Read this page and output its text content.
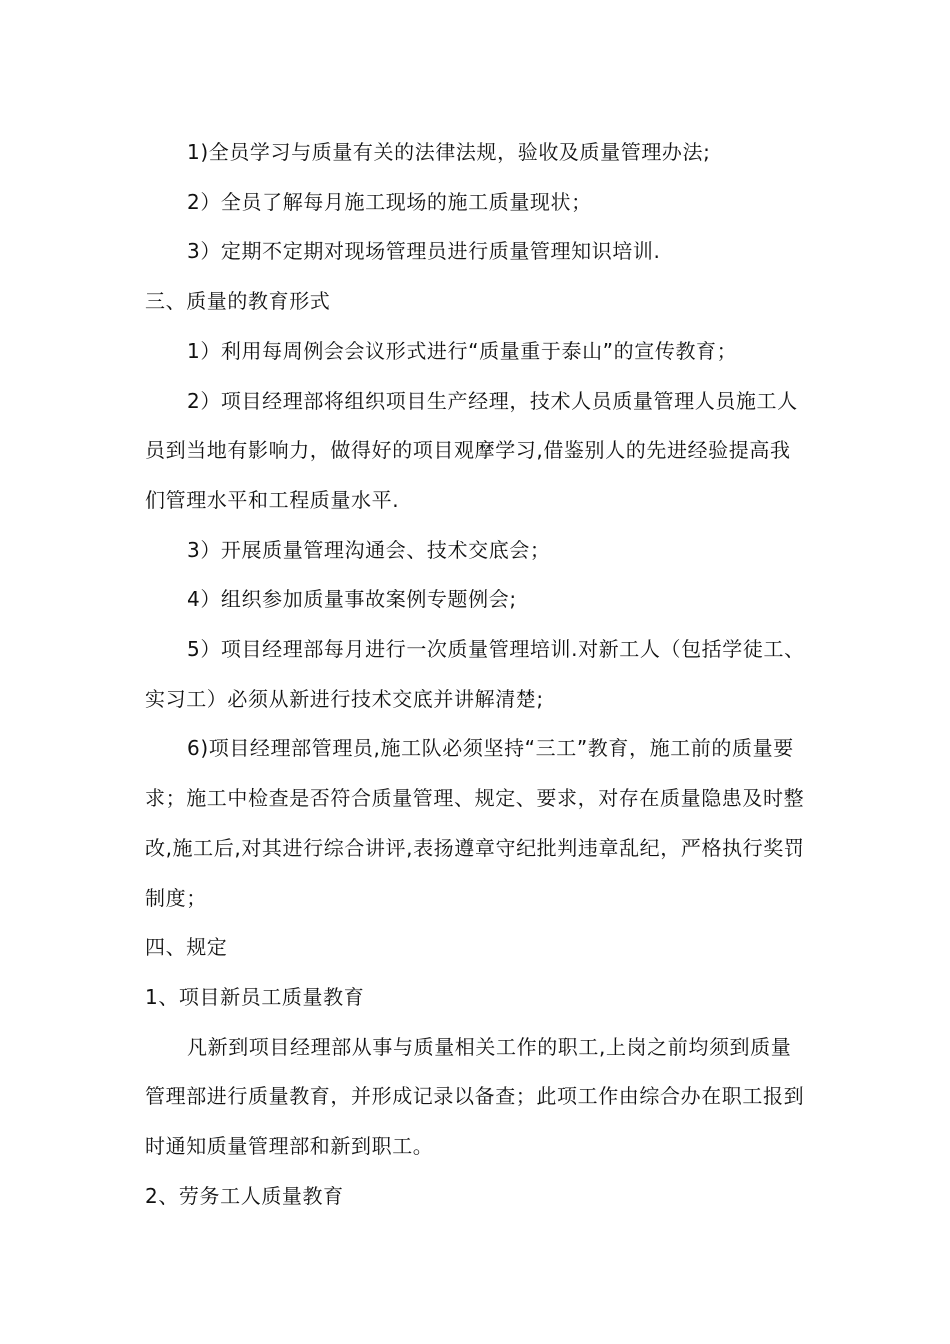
1)全员学习与质量有关的法律法规，验收及质量管理办法;

2）全员了解每月施工现场的施工质量现状；

3）定期不定期对现场管理员进行质量管理知识培训.

三、质量的教育形式

1）利用每周例会会议形式进行“质量重于泰山”的宣传教育；

2）项目经理部将组织项目生产经理，技术人员质量管理人员施工人员到当地有影响力，做得好的项目观摩学习,借鉴别人的先进经验提高我们管理水平和工程质量水平.

3）开展质量管理沟通会、技术交底会；

4）组织参加质量事故案例专题例会;

5）项目经理部每月进行一次质量管理培训.对新工人（包括学徒工、实习工）必须从新进行技术交底并讲解清楚;

6)项目经理部管理员,施工队必须坚持“三工”教育，施工前的质量要求；施工中检查是否符合质量管理、规定、要求，对存在质量隐患及时整改,施工后,对其进行综合讲评,表扬遵章守纪批判违章乱纪，严格执行奖罚制度；

四、规定

1、项目新员工质量教育

凡新到项目经理部从事与质量相关工作的职工,上岗之前均须到质量管理部进行质量教育，并形成记录以备查；此项工作由综合办在职工报到时通知质量管理部和新到职工。

2、劳务工人质量教育
